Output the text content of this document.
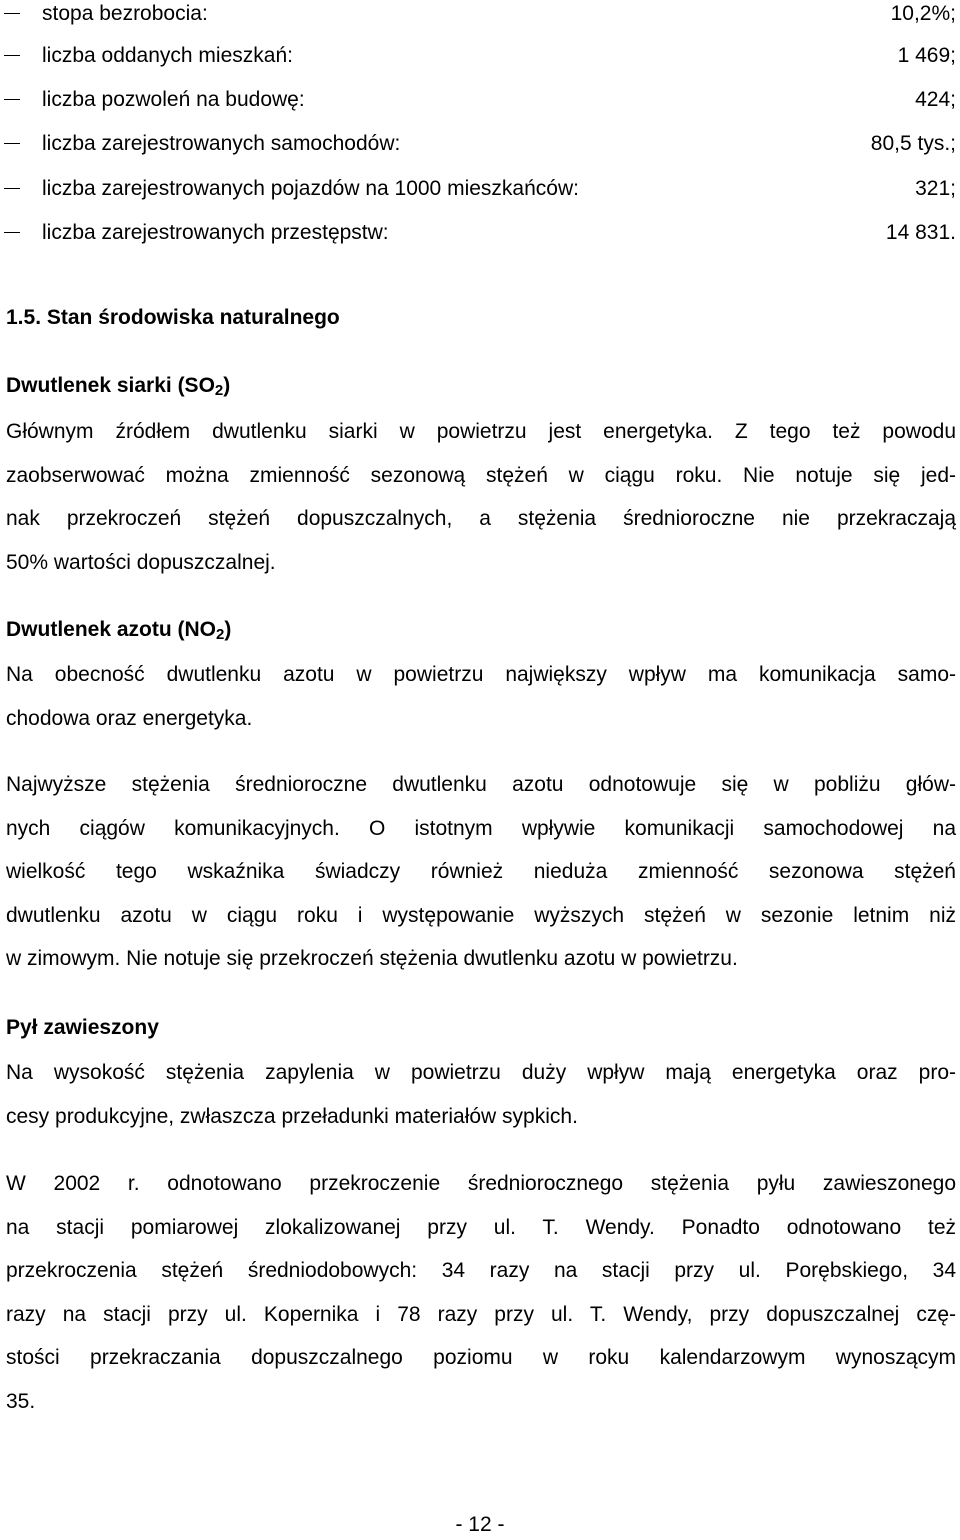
stopa bezrobocia:	10,2%;
liczba oddanych mieszkań:	1 469;
liczba pozwoleń na budowę:	424;
liczba zarejestrowanych samochodów:	80,5 tys.;
liczba zarejestrowanych pojazdów na 1000 mieszkańców:	321;
liczba zarejestrowanych przestępstw:	14 831.
1.5. Stan środowiska naturalnego
Dwutlenek siarki $(SO_2)$
Głównym źródłem dwutlenku siarki w powietrzu jest energetyka. Z tego też powodu
zaobserwować można zmienność sezonową stężeń w ciągu roku. Nie notuje się jed-
nak przekroczeń stężeń dopuszczalnych, a stężenia średnioroczne nie przekraczają
50% wartości dopuszczalnej.
Dwutlenek azotu $(NO_2)$
Na obecność dwutlenku azotu w powietrzu największy wpływ ma komunikacja samo-
chodowa oraz energetyka.
Najwyższe stężenia średnioroczne dwutlenku azotu odnotowuje się w pobliżu głów-
nych ciągów komunikacyjnych. O istotnym wpływie komunikacji samochodowej na
wielkość tego wskaźnika świadczy również nieduża zmienność sezonowa stężeń
dwutlenku azotu w ciągu roku i występowanie wyższych stężeń w sezonie letnim niż
w zimowym. Nie notuje się przekroczeń stężenia dwutlenku azotu w powietrzu.
Pył zawieszony
Na wysokość stężenia zapylenia w powietrzu duży wpływ mają energetyka oraz pro-
cesy produkcyjne, zwłaszcza przeładunki materiałów sypkich.
W 2002 r. odnotowano przekroczenie średniorocznego stężenia pyłu zawieszonego
na stacji pomiarowej zlokalizowanej przy ul. T. Wendy. Ponadto odnotowano też
przekroczenia stężeń średniodobowych: 34 razy na stacji przy ul. Porębskiego, 34
razy na stacji przy ul. Kopernika i 78 razy przy ul. T. Wendy, przy dopuszczalnej czę-
stości przekraczania dopuszczalnego poziomu w roku kalendarzowym wynoszącym
35.
- 12 -
